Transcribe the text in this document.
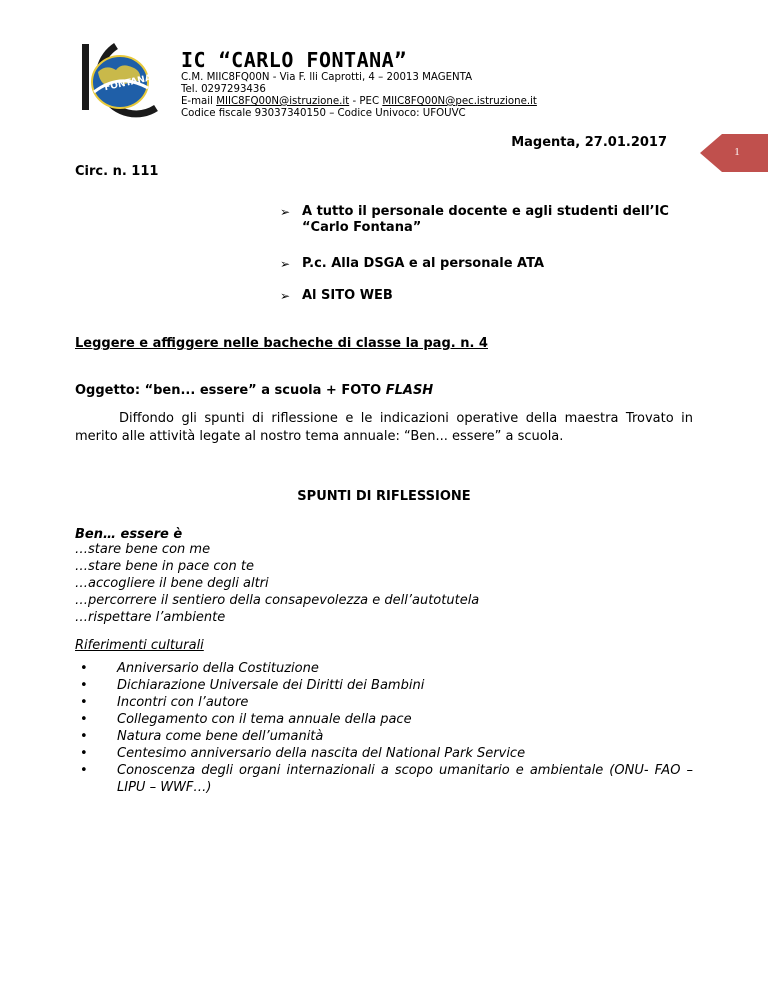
FONTANA
IC “CARLO FONTANA”
C.M. MIIC8FQ00N - Via F. lli Caprotti, 4 – 20013 MAGENTA
Tel. 0297293436
E-mail MIIC8FQ00N@istruzione.it - PEC MIIC8FQ00N@pec.istruzione.it
Codice fiscale 93037340150 – Codice Univoco: UFOUVC
1
Magenta, 27.01.2017
Circ. n. 111
➢ A tutto il personale docente e agli studenti dell’IC “Carlo Fontana”
➢ P.c. Alla DSGA e al personale ATA
➢ Al SITO WEB
Leggere e affiggere nelle bacheche di classe la pag. n. 4
Oggetto: “ben... essere” a scuola + FOTO FLASH

Diffondo gli spunti di riflessione e le indicazioni operative della maestra Trovato in merito alle attività legate al nostro tema annuale: “Ben... essere” a scuola.

SPUNTI DI RIFLESSIONE
Ben… essere è
…stare bene con me
…stare bene in pace con te
…accogliere il bene degli altri
…percorrere il sentiero della consapevolezza e dell’autotutela
…rispettare l’ambiente
Riferimenti culturali
• Anniversario della Costituzione
• Dichiarazione Universale dei Diritti dei Bambini
• Incontri con l’autore
• Collegamento con il tema annuale della pace
• Natura come bene dell’umanità
• Centesimo anniversario della nascita del National Park Service
• Conoscenza degli organi internazionali a scopo umanitario e ambientale (ONU- FAO – LIPU – WWF…)
